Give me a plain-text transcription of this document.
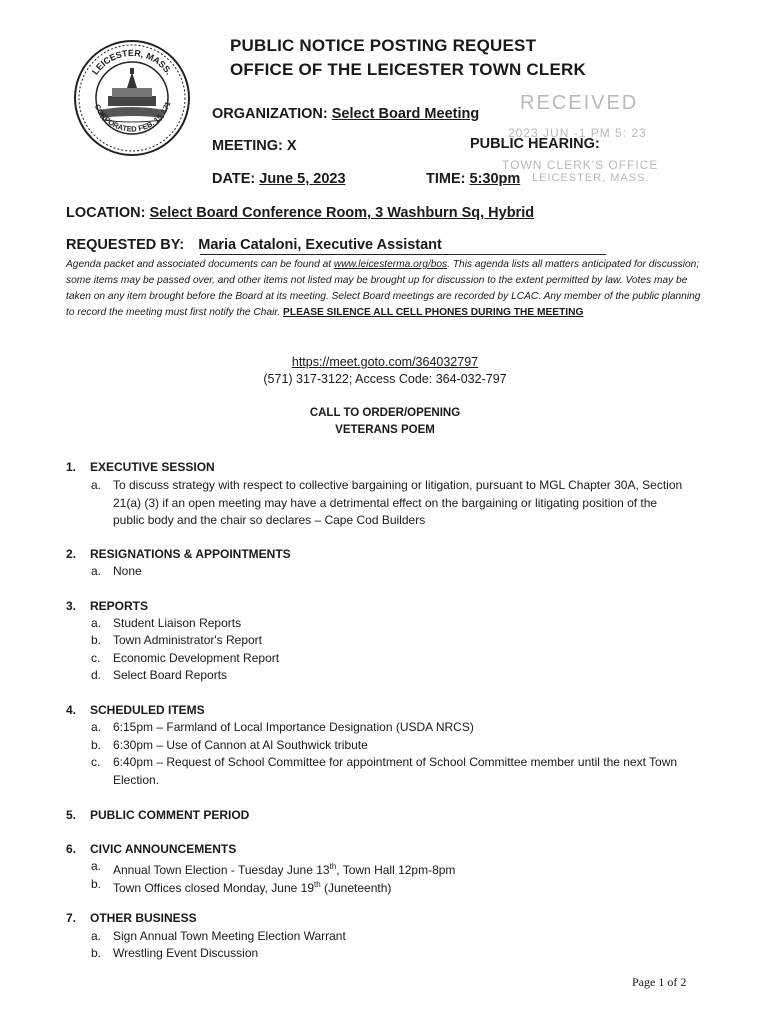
LEICESTER, MASS.
CORPORATED FEB. 15, 171
PUBLIC NOTICE POSTING REQUEST
OFFICE OF THE LEICESTER TOWN CLERK
RECEIVED
2023 JUN -1 PM 5: 23
TOWN CLERK'S OFFICE
LEICESTER, MASS.
ORGANIZATION: Select Board Meeting
MEETING: X	PUBLIC HEARING:
DATE: June 5, 2023	TIME: 5:30pm
LOCATION: Select Board Conference Room, 3 Washburn Sq, Hybrid
REQUESTED BY: Maria Cataloni, Executive Assistant
Agenda packet and associated documents can be found at www.leicesterma.org/bos. This agenda lists all matters anticipated for discussion; some items may be passed over, and other items not listed may be brought up for discussion to the extent permitted by law. Votes may be taken on any item brought before the Board at its meeting. Select Board meetings are recorded by LCAC. Any member of the public planning to record the meeting must first notify the Chair. PLEASE SILENCE ALL CELL PHONES DURING THE MEETING
https://meet.goto.com/364032797
(571) 317-3122; Access Code: 364-032-797
CALL TO ORDER/OPENING
VETERANS POEM
1. EXECUTIVE SESSION
a. To discuss strategy with respect to collective bargaining or litigation, pursuant to MGL Chapter 30A, Section 21(a) (3) if an open meeting may have a detrimental effect on the bargaining or litigating position of the public body and the chair so declares – Cape Cod Builders
2. RESIGNATIONS & APPOINTMENTS
a. None
3. REPORTS
a. Student Liaison Reports
b. Town Administrator's Report
c. Economic Development Report
d. Select Board Reports
4. SCHEDULED ITEMS
a. 6:15pm – Farmland of Local Importance Designation (USDA NRCS)
b. 6:30pm – Use of Cannon at Al Southwick tribute
c. 6:40pm – Request of School Committee for appointment of School Committee member until the next Town Election.
5. PUBLIC COMMENT PERIOD
6. CIVIC ANNOUNCEMENTS
a. Annual Town Election - Tuesday June 13th, Town Hall 12pm-8pm
b. Town Offices closed Monday, June 19th (Juneteenth)
7. OTHER BUSINESS
a. Sign Annual Town Meeting Election Warrant
b. Wrestling Event Discussion
Page 1 of 2
